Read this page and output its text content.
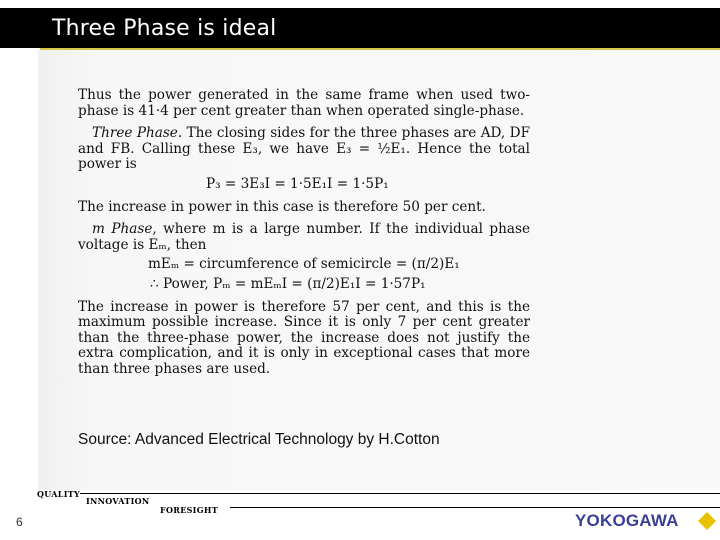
Three Phase is ideal

Thus the power generated in the same frame when used two-phase is 41·4 per cent greater than when operated single-phase.

Three Phase. The closing sides for the three phases are AD, DF and FB. Calling these E₃, we have E₃ = ½E₁. Hence the total power is

P₃ = 3E₃I = 1·5E₁I = 1·5P₁

The increase in power in this case is therefore 50 per cent.

m Phase, where m is a large number. If the individual phase voltage is Eₘ, then

mEₘ = circumference of semicircle = (π/2)E₁
∴ Power, Pₘ = mEₘI = (π/2)E₁I = 1·57P₁

The increase in power is therefore 57 per cent, and this is the maximum possible increase. Since it is only 7 per cent greater than the three-phase power, the increase does not justify the extra complication, and it is only in exceptional cases that more than three phases are used.

Source: Advanced Electrical Technology by H.Cotton
QUALITY
INNOVATION
FORESIGHT
6	YOKOGAWA
